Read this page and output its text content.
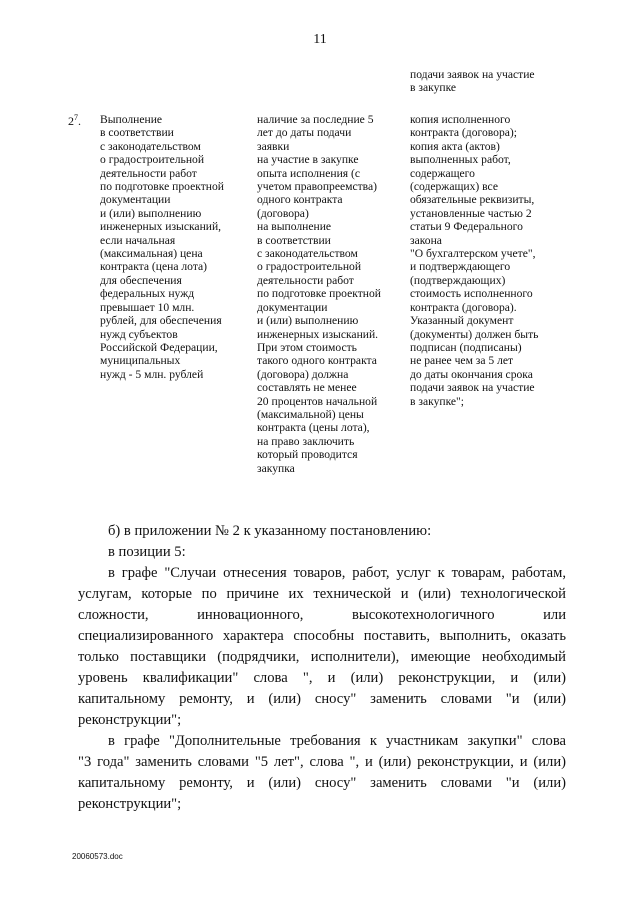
11
подачи заявок на участие
в закупке
$2^7$. Выполнение
в соответствии
с законодательством
о градостроительной
деятельности работ
по подготовке проектной
документации
и (или) выполнению
инженерных изысканий,
если начальная
(максимальная) цена
контракта (цена лота)
для обеспечения
федеральных нужд
превышает 10 млн.
рублей, для обеспечения
нужд субъектов
Российской Федерации,
муниципальных
нужд - 5 млн. рублей
наличие за последние 5
лет до даты подачи
заявки
на участие в закупке
опыта исполнения (с
учетом правопреемства)
одного контракта
(договора)
на выполнение
в соответствии
с законодательством
о градостроительной
деятельности работ
по подготовке проектной
документации
и (или) выполнению
инженерных изысканий.
При этом стоимость
такого одного контракта
(договора) должна
составлять не менее
20 процентов начальной
(максимальной) цены
контракта (цены лота),
на право заключить
который проводится
закупка
копия исполненного
контракта (договора);
копия акта (актов)
выполненных работ,
содержащего
(содержащих) все
обязательные реквизиты,
установленные частью 2
статьи 9 Федерального
закона
"О бухгалтерском учете",
и подтверждающего
(подтверждающих)
стоимость исполненного
контракта (договора).
Указанный документ
(документы) должен быть
подписан (подписаны)
не ранее чем за 5 лет
до даты окончания срока
подачи заявок на участие
в закупке";
б) в приложении № 2 к указанному постановлению:
в позиции 5:
в графе "Случаи отнесения товаров, работ, услуг к товарам, работам,
услугам, которые по причине их технической и (или) технологической
сложности, инновационного, высокотехнологичного или
специализированного характера способны поставить, выполнить, оказать
только поставщики (подрядчики, исполнители), имеющие необходимый
уровень квалификации" слова ", и (или) реконструкции, и (или)
капитальному ремонту, и (или) сносу" заменить словами "и (или)
реконструкции";
в графе "Дополнительные требования к участникам закупки" слова
"3 года" заменить словами "5 лет", слова ", и (или) реконструкции, и (или)
капитальному ремонту, и (или) сносу" заменить словами "и (или)
реконструкции";
20060573.doc
